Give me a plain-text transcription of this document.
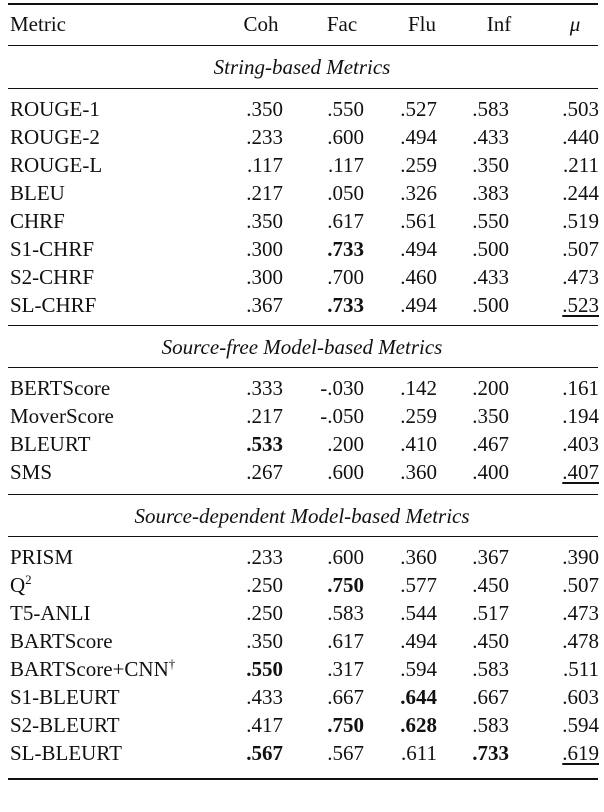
Metric	Coh	Fac	Flu	Inf	μ
String-based Metrics
ROUGE-1	.350	.550	.527	.583	.503
ROUGE-2	.233	.600	.494	.433	.440
ROUGE-L	.117	.117	.259	.350	.211
BLEU	.217	.050	.326	.383	.244
CHRF	.350	.617	.561	.550	.519
S1-CHRF	.300	.733	.494	.500	.507
S2-CHRF	.300	.700	.460	.433	.473
SL-CHRF	.367	.733	.494	.500	.523
Source-free Model-based Metrics
BERTScore	.333	-.030	.142	.200	.161
MoverScore	.217	-.050	.259	.350	.194
BLEURT	.533	.200	.410	.467	.403
SMS	.267	.600	.360	.400	.407
Source-dependent Model-based Metrics
PRISM	.233	.600	.360	.367	.390
$Q^2$	.250	.750	.577	.450	.507
T5-ANLI	.250	.583	.544	.517	.473
BARTScore	.350	.617	.494	.450	.478
BARTScore+CNN†	.550	.317	.594	.583	.511
S1-BLEURT	.433	.667	.644	.667	.603
S2-BLEURT	.417	.750	.628	.583	.594
SL-BLEURT	.567	.567	.611	.733	.619
